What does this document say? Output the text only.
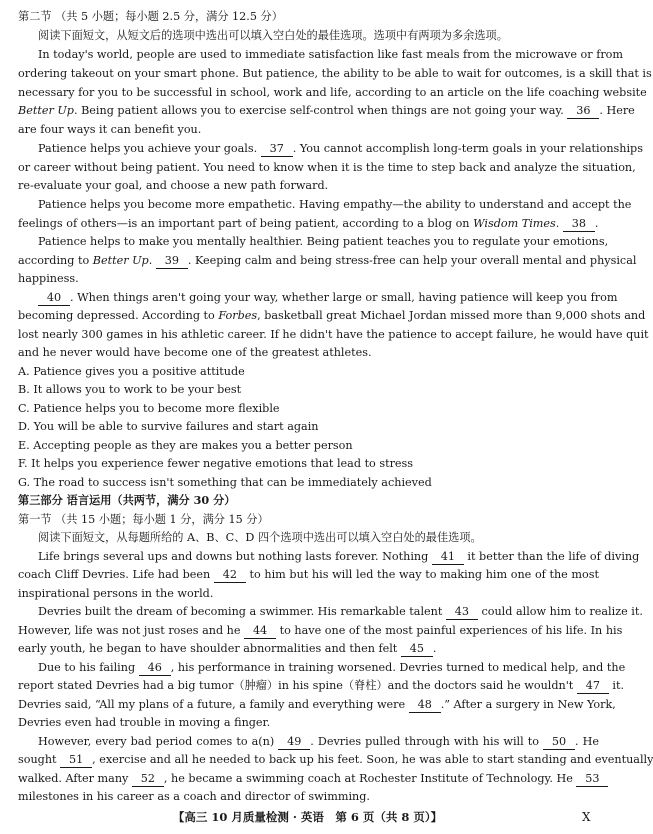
第二节 （共 5 小题；每小题 2.5 分，满分 12.5 分）
阅读下面短文，从短文后的选项中选出可以填入空白处的最佳选项。选项中有两项为多余选项。
In today's world, people are used to immediate satisfaction like fast meals from the microwave or from
ordering takeout on your smart phone. But patience, the ability to be able to wait for outcomes, is a skill that is
necessary for you to be successful in school, work and life, according to an article on the life coaching website
Better Up. Being patient allows you to exercise self-control when things are not going your way. 36 . Here
are four ways it can benefit you.
Patience helps you achieve your goals. 37 . You cannot accomplish long-term goals in your relationships
or career without being patient. You need to know when it is the time to step back and analyze the situation,
re-evaluate your goal, and choose a new path forward.
Patience helps you become more empathetic. Having empathy—the ability to understand and accept the
feelings of others—is an important part of being patient, according to a blog on Wisdom Times. 38 .
Patience helps to make you mentally healthier. Being patient teaches you to regulate your emotions,
according to Better Up. 39 . Keeping calm and being stress-free can help your overall mental and physical
happiness.
40 . When things aren't going your way, whether large or small, having patience will keep you from
becoming depressed. According to Forbes, basketball great Michael Jordan missed more than 9,000 shots and
lost nearly 300 games in his athletic career. If he didn't have the patience to accept failure, he would have quit
and he never would have become one of the greatest athletes.
A. Patience gives you a positive attitude
B. It allows you to work to be your best
C. Patience helps you to become more flexible
D. You will be able to survive failures and start again
E. Accepting people as they are makes you a better person
F. It helps you experience fewer negative emotions that lead to stress
G. The road to success isn't something that can be immediately achieved
第三部分 语言运用（共两节，满分 30 分）
第一节 （共 15 小题；每小题 1 分，满分 15 分）
阅读下面短文，从每题所给的 A、B、C、D 四个选项中选出可以填入空白处的最佳选项。
Life brings several ups and downs but nothing lasts forever. Nothing 41 it better than the life of diving
coach Cliff Devries. Life had been 42 to him but his will led the way to making him one of the most
inspirational persons in the world.
Devries built the dream of becoming a swimmer. His remarkable talent 43 could allow him to realize it.
However, life was not just roses and he 44 to have one of the most painful experiences of his life. In his
early youth, he began to have shoulder abnormalities and then felt 45 .
Due to his failing 46 , his performance in training worsened. Devries turned to medical help, and the
report stated Devries had a big tumor（肿瘤）in his spine（脊柱）and the doctors said he wouldn't 47 it.
Devries said, “All my plans of a future, a family and everything were 48 .” After a surgery in New York,
Devries even had trouble in moving a finger.
However, every bad period comes to a(n) 49 . Devries pulled through with his will to 50 . He
sought 51 , exercise and all he needed to back up his feet. Soon, he was able to start standing and eventually
walked. After many 52 , he became a swimming coach at Rochester Institute of Technology. He 53
milestones in his career as a coach and director of swimming.
【高三 10 月质量检测 · 英语　第 6 页（共 8 页）】	X
